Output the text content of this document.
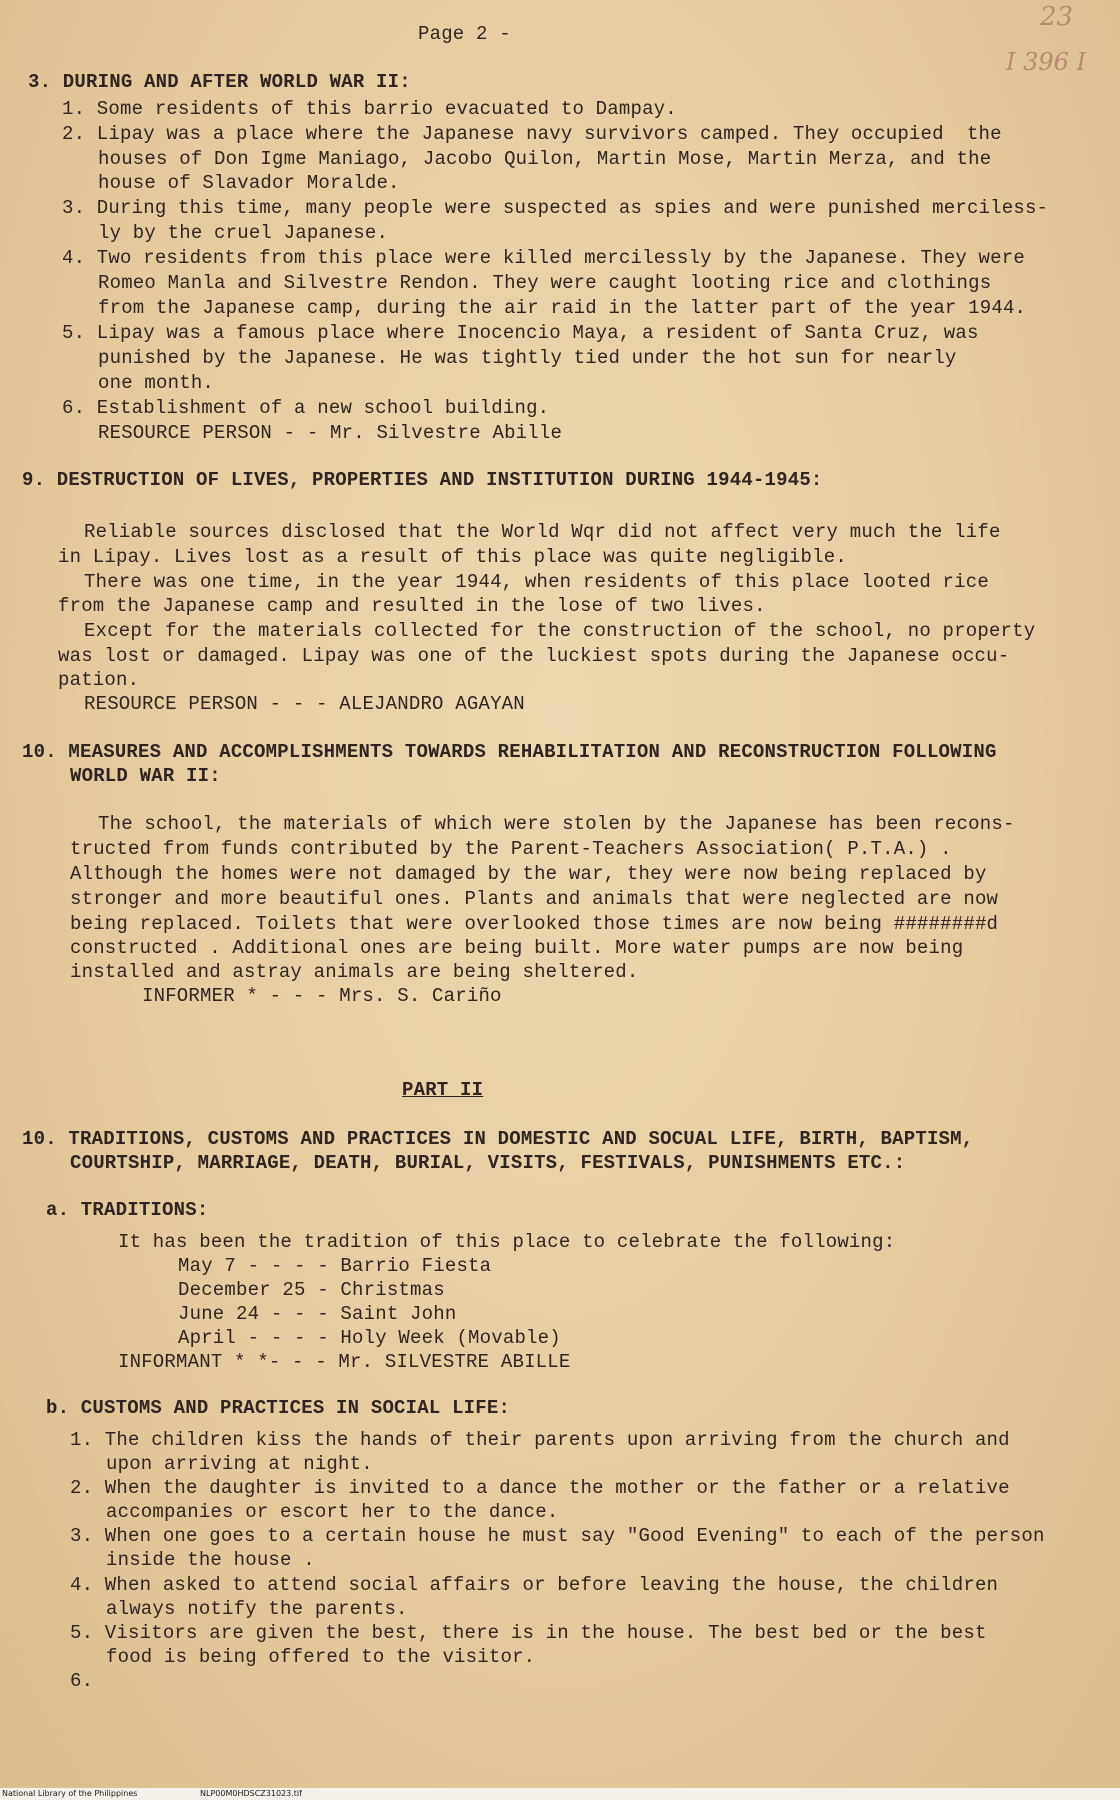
Page 2 -
23
I 396 I
3. DURING AND AFTER WORLD WAR II:
1. Some residents of this barrio evacuated to Dampay.
2. Lipay was a place where the Japanese navy survivors camped. They occupied  the
houses of Don Igme Maniago, Jacobo Quilon, Martin Mose, Martin Merza, and the
house of Slavador Moralde.
3. During this time, many people were suspected as spies and were punished merciless-
ly by the cruel Japanese.
4. Two residents from this place were killed mercilessly by the Japanese. They were
Romeo Manla and Silvestre Rendon. They were caught looting rice and clothings
from the Japanese camp, during the air raid in the latter part of the year 1944.
5. Lipay was a famous place where Inocencio Maya, a resident of Santa Cruz, was
punished by the Japanese. He was tightly tied under the hot sun for nearly
one month.
6. Establishment of a new school building.
RESOURCE PERSON - - Mr. Silvestre Abille
9. DESTRUCTION OF LIVES, PROPERTIES AND INSTITUTION DURING 1944-1945:
Reliable sources disclosed that the World Wqr did not affect very much the life
in Lipay. Lives lost as a result of this place was quite negligible.
There was one time, in the year 1944, when residents of this place looted rice
from the Japanese camp and resulted in the lose of two lives.
Except for the materials collected for the construction of the school, no property
was lost or damaged. Lipay was one of the luckiest spots during the Japanese occu-
pation.
RESOURCE PERSON - - - ALEJANDRO AGAYAN
10. MEASURES AND ACCOMPLISHMENTS TOWARDS REHABILITATION AND RECONSTRUCTION FOLLOWING
WORLD WAR II:
The school, the materials of which were stolen by the Japanese has been recons-
tructed from funds contributed by the Parent-Teachers Association( P.T.A.) .
Although the homes were not damaged by the war, they were now being replaced by
stronger and more beautiful ones. Plants and animals that were neglected are now
being replaced. Toilets that were overlooked those times are now being ########d
constructed . Additional ones are being built. More water pumps are now being
installed and astray animals are being sheltered.
INFORMER * - - - Mrs. S. Cariño
PART II
10. TRADITIONS, CUSTOMS AND PRACTICES IN DOMESTIC AND SOCUAL LIFE, BIRTH, BAPTISM,
COURTSHIP, MARRIAGE, DEATH, BURIAL, VISITS, FESTIVALS, PUNISHMENTS ETC.:
a. TRADITIONS:
It has been the tradition of this place to celebrate the following:
May 7 - - - - Barrio Fiesta
December 25 - Christmas
June 24 - - - Saint John
April - - - - Holy Week (Movable)
INFORMANT * *- - - Mr. SILVESTRE ABILLE
b. CUSTOMS AND PRACTICES IN SOCIAL LIFE:
1. The children kiss the hands of their parents upon arriving from the church and
upon arriving at night.
2. When the daughter is invited to a dance the mother or the father or a relative
accompanies or escort her to the dance.
3. When one goes to a certain house he must say "Good Evening" to each of the person
inside the house .
4. When asked to attend social affairs or before leaving the house, the children
always notify the parents.
5. Visitors are given the best, there is in the house. The best bed or the best
food is being offered to the visitor.
6.
National Library of the Philippines	NLP00M0HDSCZ31023.tif
